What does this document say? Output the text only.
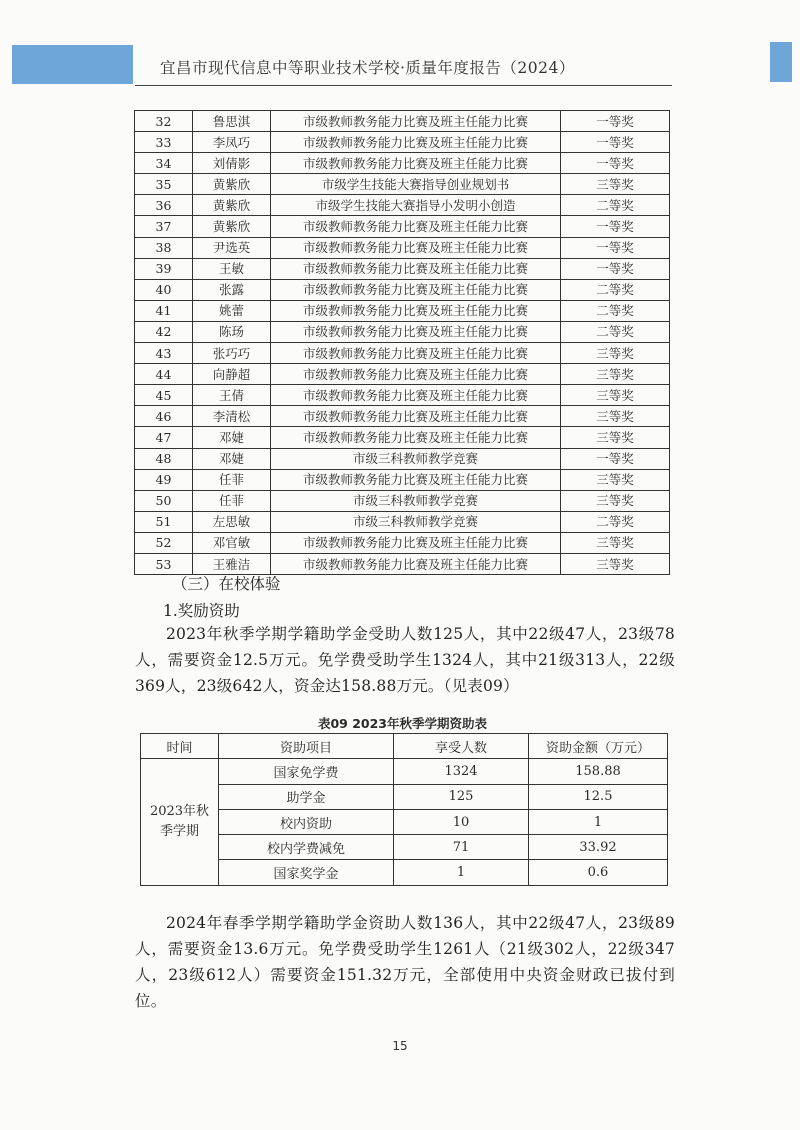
宜昌市现代信息中等职业技术学校·质量年度报告（2024）
32	鲁思淇	市级教师教务能力比赛及班主任能力比赛	一等奖
33	李凤巧	市级教师教务能力比赛及班主任能力比赛	一等奖
34	刘倩影	市级教师教务能力比赛及班主任能力比赛	一等奖
35	黄紫欣	市级学生技能大赛指导创业规划书	三等奖
36	黄紫欣	市级学生技能大赛指导小发明小创造	二等奖
37	黄紫欣	市级教师教务能力比赛及班主任能力比赛	一等奖
38	尹选英	市级教师教务能力比赛及班主任能力比赛	一等奖
39	王敏	市级教师教务能力比赛及班主任能力比赛	一等奖
40	张露	市级教师教务能力比赛及班主任能力比赛	二等奖
41	姚蕾	市级教师教务能力比赛及班主任能力比赛	二等奖
42	陈玚	市级教师教务能力比赛及班主任能力比赛	二等奖
43	张巧巧	市级教师教务能力比赛及班主任能力比赛	三等奖
44	向静超	市级教师教务能力比赛及班主任能力比赛	三等奖
45	王倩	市级教师教务能力比赛及班主任能力比赛	三等奖
46	李清松	市级教师教务能力比赛及班主任能力比赛	三等奖
47	邓婕	市级教师教务能力比赛及班主任能力比赛	三等奖
48	邓婕	市级三科教师教学竞赛	一等奖
49	任菲	市级教师教务能力比赛及班主任能力比赛	三等奖
50	任菲	市级三科教师教学竞赛	三等奖
51	左思敏	市级三科教师教学竞赛	二等奖
52	邓官敏	市级教师教务能力比赛及班主任能力比赛	三等奖
53	王雅洁	市级教师教务能力比赛及班主任能力比赛	三等奖
（三）在校体验
1.奖励资助

2023年秋季学期学籍助学金受助人数125人，其中22级47人，23级78人，需要资金12.5万元。免学费受助学生1324人，其中21级313人，22级369人，23级642人，资金达158.88万元。（见表09）

表09 2023年秋季学期资助表
时间	资助项目	享受人数	资助金额（万元）
2023年秋季学期	国家免学费	1324	158.88
	助学金	125	12.5
	校内资助	10	1
	校内学费减免	71	33.92
	国家奖学金	1	0.6

2024年春季学期学籍助学金资助人数136人，其中22级47人，23级89人，需要资金13.6万元。免学费受助学生1261人（21级302人，22级347人，23级612人）需要资金151.32万元，全部使用中央资金财政已拔付到位。

15
